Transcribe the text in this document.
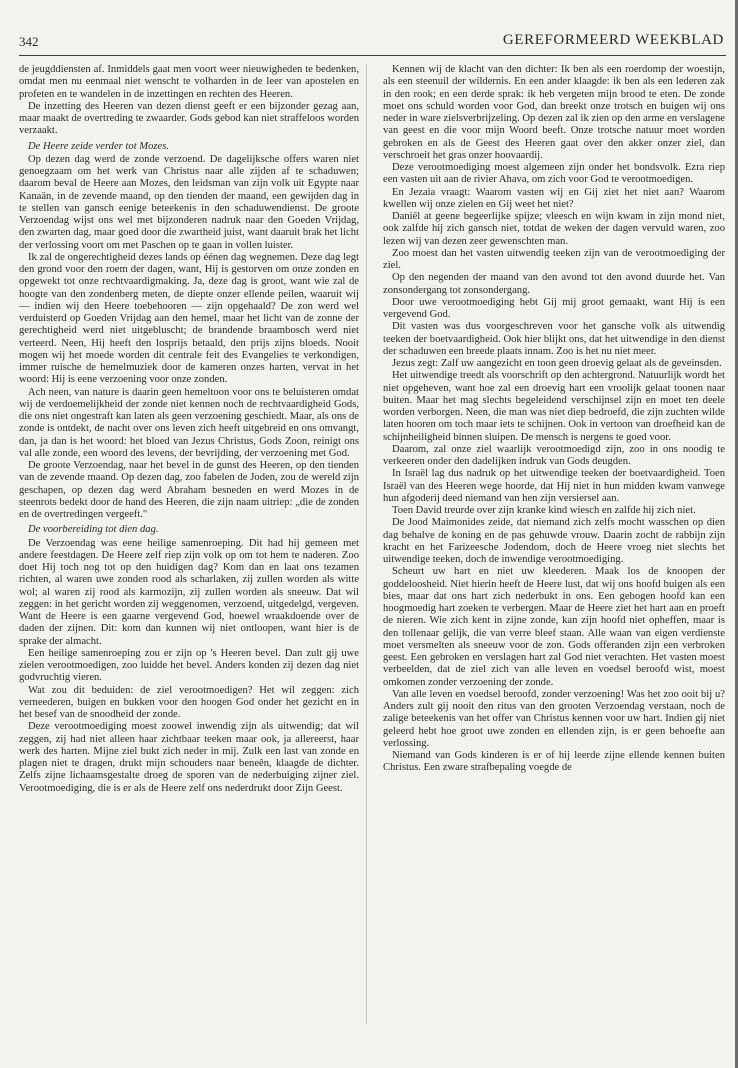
342	GEREFORMEERD WEEKBLAD

de jeugddiensten af. Inmiddels gaat men voort weer nieuwigheden te bedenken, omdat men nu eenmaal niet wenscht te volharden in de leer van apostelen en profeten en te wandelen in de inzettingen en rechten des Heeren.

De inzetting des Heeren van dezen dienst geeft er een bijzonder gezag aan, maar maakt de overtreding te zwaarder. Gods gebod kan niet straffeloos worden verzaakt.

De Heere zeide verder tot Mozes.

Op dezen dag werd de zonde verzoend. De dagelijksche offers waren niet genoegzaam om het werk van Christus naar alle zijden af te schaduwen; daarom beval de Heere aan Mozes, den leidsman van zijn volk uit Egypte naar Kanaän, in de zevende maand, op den tienden der maand, een gewijden dag in te stellen van gansch eenige beteekenis in den schaduwendienst. De groote Verzoendag wijst ons wel met bijzonderen nadruk naar den Goeden Vrijdag, den zwarten dag, maar goed door die zwartheid juist, want daaruit brak het licht der verlossing voort om met Paschen op te gaan in vollen luister.

Ik zal de ongerechtigheid dezes lands op éénen dag wegnemen. Deze dag legt den grond voor den roem der dagen, want, Hij is gestorven om onze zonden en opgewekt tot onze rechtvaardigmaking. Ja, deze dag is groot, want wie zal de hoogte van den zondenberg meten, de diepte onzer ellende peilen, waaruit wij — indien wij den Heere toebehooren — zijn opgehaald? De zon werd wel verduisterd op Goeden Vrijdag aan den hemel, maar het licht van de zonne der gerechtigheid werd niet uitgebluscht; de brandende braambosch werd niet verteerd. Neen, Hij heeft den losprijs betaald, den prijs zijns bloeds. Nooit mogen wij het moede worden dit centrale feit des Evangelies te verkondigen, immer ruische de hemelmuziek door de kameren onzes harten, vervat in het woord: Hij is eene verzoening voor onze zonden.

Ach neen, van nature is daarin geen hemeltoon voor ons te beluisteren omdat wij de verdoemelijkheid der zonde niet kennen noch de rechtvaardigheid Gods, die ons niet ongestraft kan laten als geen verzoening geschiedt. Maar, als ons de zonde is ontdekt, de nacht over ons leven zich heeft uitgebreid en ons omvangt, dan, ja dan is het woord: het bloed van Jezus Christus, Gods Zoon, reinigt ons val alle zonde, een woord des levens, der bevrijding, der verzoening met God.

De groote Verzoendag, naar het bevel in de gunst des Heeren, op den tienden van de zevende maand. Op dezen dag, zoo fabelen de Joden, zou de wereld zijn geschapen, op dezen dag werd Abraham besneden en werd Mozes in de steenrots bedekt door de hand des Heeren, die zijn naam uitriep: „die de zonden en de overtredingen vergeeft."

De voorbereiding tot dien dag.

De Verzoendag was eene heilige samenroeping. Dit had hij gemeen met andere feestdagen. De Heere zelf riep zijn volk op om tot hem te naderen. Zoo doet Hij toch nog tot op den huidigen dag? Kom dan en laat ons tezamen richten, al waren uwe zonden rood als scharlaken, zij zullen worden als witte wol; al waren zij rood als karmozijn, zij zullen worden als sneeuw. Dat wil zeggen: in het gericht worden zij weggenomen, verzoend, uitgedelgd, vergeven. Want de Heere is een gaarne vergevend God, hoewel wraakdoende over de daden der zijnen. Dit: kom dan kunnen wij niet ontloopen, want hier is de sprake der almacht.

Een heilige samenroeping zou er zijn op 's Heeren bevel. Dan zult gij uwe zielen verootmoedigen, zoo luidde het bevel. Anders konden zij dezen dag niet godvruchtig vieren.

Wat zou dit beduiden: de ziel verootmoedigen? Het wil zeggen: zich verneederen, buigen en bukken voor den hoogen God onder het gezicht en in het besef van de snoodheid der zonde.

Deze verootmoediging moest zoowel inwendig zijn als uitwendig; dat wil zeggen, zij had niet alleen haar zichtbaar teeken maar ook, ja allereerst, haar werk des harten. Mijne ziel bukt zich neder in mij. Zulk een last van zonde en plagen niet te dragen, drukt mijn schouders naar beneên, klaagde de dichter. Zelfs zijne lichaamsgestalte droeg de sporen van de nederbuiging zijner ziel. Verootmoediging, die is er als de Heere zelf ons nederdrukt door Zijn Geest.

Kennen wij de klacht van den dichter: Ik ben als een roerdomp der woestijn, als een steenuil der wildernis. En een ander klaagde: ik ben als een lederen zak in den rook; en een derde sprak: ik heb vergeten mijn brood te eten. De zonde moet ons schuld worden voor God, dan breekt onze trotsch en buigen wij ons neder in ware zielsverbrijzeling. Op dezen zal ik zien op den arme en verslagene van geest en die voor mijn Woord beeft. Onze trotsche natuur moet worden gebroken en als de Geest des Heeren gaat over den akker onzer ziel, dan verschroeit het gras onzer hoovaardij.

Deze verootmoediging moest algemeen zijn onder het bondsvolk. Ezra riep een vasten uit aan de rivier Ahava, om zich voor God te verootmoedigen.

En Jezaia vraagt: Waarom vasten wij en Gij ziet het niet aan? Waarom kwellen wij onze zielen en Gij weet het niet?

Daniël at geene begeerlijke spijze; vleesch en wijn kwam in zijn mond niet, ook zalfde hij zich gansch niet, totdat de weken der dagen vervuld waren, zoo lezen wij van dezen zeer gewenschten man.

Zoo moest dan het vasten uitwendig teeken zijn van de verootmoediging der ziel.

Op den negenden der maand van den avond tot den avond duurde het. Van zonsondergang tot zonsondergang.

Door uwe verootmoediging hebt Gij mij groot gemaakt, want Hij is een vergevend God.

Dit vasten was dus voorgeschreven voor het gansche volk als uitwendig teeken der boetvaardigheid. Ook hier blijkt ons, dat het uitwendige in den dienst der schaduwen een breede plaats innam. Zoo is het nu niet meer.

Jezus zegt: Zalf uw aangezicht en toon geen droevig gelaat als de geveinsden.

Het uitwendige treedt als voorschrift op den achtergrond. Natuurlijk wordt het niet opgeheven, want hoe zal een droevig hart een vroolijk gelaat toonen naar buiten. Maar het mag slechts begeleidend verschijnsel zijn en moet ten deele worden verborgen. Neen, die man was niet diep bedroefd, die zijn zuchten wilde laten hooren om toch maar iets te schijnen. Ook in vertoon van droefheid kan de schijnheiligheid binnen sluipen. De mensch is nergens te goed voor.

Daarom, zal onze ziel waarlijk verootmoedigd zijn, zoo in ons noodig te verkeeren onder den dadelijken indruk van Gods deugden.

In Israël lag dus nadruk op het uitwendige teeken der boetvaardigheid. Toen Israël van des Heeren wege hoorde, dat Hij niet in hun midden kwam vanwege hun afgoderij deed niemand van hen zijn versiersel aan.

Toen David treurde over zijn kranke kind wiesch en zalfde hij zich niet.

De Jood Maimonides zeide, dat niemand zich zelfs mocht wasschen op dien dag behalve de koning en de pas gehuwde vrouw. Daarin zocht de rabbijn zijn kracht en het Farizeesche Jodendom, doch de Heere vroeg niet slechts het uitwendige teeken, doch de inwendige verootmoediging.

Scheurt uw hart en niet uw kleederen. Maak los de knoopen der goddeloosheid. Niet hierin heeft de Heere lust, dat wij ons hoofd buigen als een bies, maar dat ons hart zich nederbukt in ons. Een gebogen hoofd kan een hoogmoedig hart zoeken te verbergen. Maar de Heere ziet het hart aan en proeft de nieren. Wie zich kent in zijne zonde, kan zijn hoofd niet opheffen, maar is den tollenaar gelijk, die van verre bleef staan. Alle waan van eigen verdienste moet versmelten als sneeuw voor de zon. Gods offeranden zijn een verbroken geest. Een gebroken en verslagen hart zal God niet verachten. Het vasten moest verbeelden, dat de ziel zich van alle leven en voedsel beroofd wist, moest omkomen zonder verzoening der zonde.

Van alle leven en voedsel beroofd, zonder verzoening! Was het zoo ooit bij u? Anders zult gij nooit den ritus van den grooten Verzoendag verstaan, noch de zalige beteekenis van het offer van Christus kennen voor uw hart. Indien gij niet geleerd hebt hoe groot uwe zonden en ellenden zijn, is er geen behoefte aan verlossing.

Niemand van Gods kinderen is er of hij leerde zijne ellende kennen buiten Christus. Een zware strafbepaling voegde de
